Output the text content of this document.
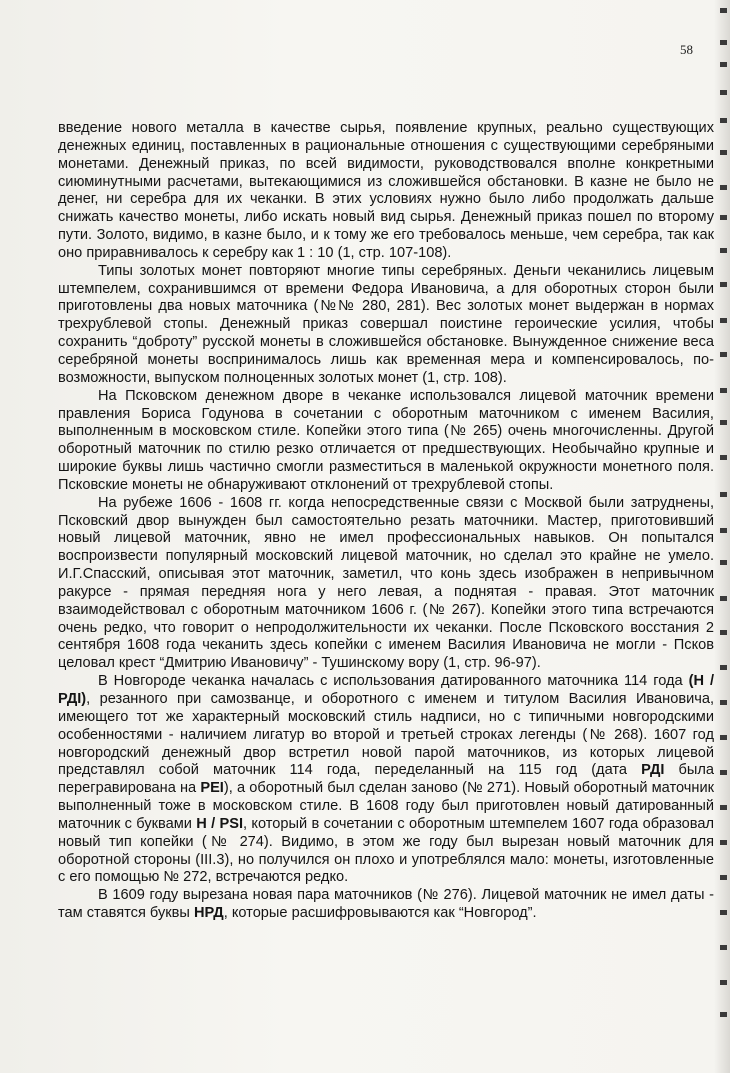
58

введение нового металла в качестве сырья, появление крупных, реально существующих денежных единиц, поставленных в рациональные отношения с существующими серебряными монетами. Денежный приказ, по всей видимости, руководствовался вполне конкретными сиюминутными расчетами, вытекающимися из сложившейся обстановки. В казне не было не денег, ни серебра для их чеканки. В этих условиях нужно было либо продолжать дальше снижать качество монеты, либо искать новый вид сырья. Денежный приказ пошел по второму пути. Золото, видимо, в казне было, и к тому же его требовалось меньше, чем серебра, так как оно приравнивалось к серебру как 1 : 10 (1, стр. 107-108).

Типы золотых монет повторяют многие типы серебряных. Деньги чеканились лицевым штемпелем, сохранившимся от времени Федора Ивановича, а для оборотных сторон были приготовлены два новых маточника (№№ 280, 281). Вес золотых монет выдержан в нормах трехрублевой стопы. Денежный приказ совершал поистине героические усилия, чтобы сохранить “доброту” русской монеты в сложившейся обстановке. Вынужденное снижение веса серебряной монеты воспринималось лишь как временная мера и компенсировалось, по-возможности, выпуском полноценных золотых монет (1, стр. 108).

На Псковском денежном дворе в чеканке использовался лицевой маточник времени правления Бориса Годунова в сочетании с оборотным маточником с именем Василия, выполненным в московском стиле. Копейки этого типа (№ 265) очень многочисленны. Другой оборотный маточник по стилю резко отличается от предшествующих. Необычайно крупные и широкие буквы лишь частично смогли разместиться в маленькой окружности монетного поля. Псковские монеты не обнаруживают отклонений от трехрублевой стопы.

На рубеже 1606 - 1608 гг. когда непосредственные связи с Москвой были затруднены, Псковский двор вынужден был самостоятельно резать маточники. Мастер, приготовивший новый лицевой маточник, явно не имел профессиональных навыков. Он попытался воспроизвести популярный московский лицевой маточник, но сделал это крайне не умело. И.Г.Спасский, описывая этот маточник, заметил, что конь здесь изображен в непривычном ракурсе - прямая передняя нога у него левая, а поднятая - правая. Этот маточник взаимодействовал с оборотным маточником 1606 г. (№ 267). Копейки этого типа встречаются очень редко, что говорит о непродолжительности их чеканки. После Псковского восстания 2 сентября 1608 года чеканить здесь копейки с именем Василия Ивановича не могли - Псков целовал крест “Дмитрию Ивановичу” - Тушинскому вору (1, стр. 96-97).

В Новгороде чеканка началась с использования датированного маточника 114 года (Н / РДI), резанного при самозванце, и оборотного с именем и титулом Василия Ивановича, имеющего тот же характерный московский стиль надписи, но с типичными новгородскими особенностями - наличием лигатур во второй и третьей строках легенды (№ 268). 1607 год новгородский денежный двор встретил новой парой маточников, из которых лицевой представлял собой маточник 114 года, переделанный на 115 год (дата РДI была перегравирована на PEI), а оборотный был сделан заново (№ 271). Новый оборотный маточник выполненный тоже в московском стиле. В 1608 году был приготовлен новый датированный маточник с буквами Н / PSI, который в сочетании с оборотным штемпелем 1607 года образовал новый тип копейки (№ 274). Видимо, в этом же году был вырезан новый маточник для оборотной стороны (III.3), но получился он плохо и употреблялся мало: монеты, изготовленные с его помощью № 272, встречаются редко.

В 1609 году вырезана новая пара маточников (№ 276). Лицевой маточник не имел даты - там ставятся буквы НРД, которые расшифровываются как “Новгород”.
